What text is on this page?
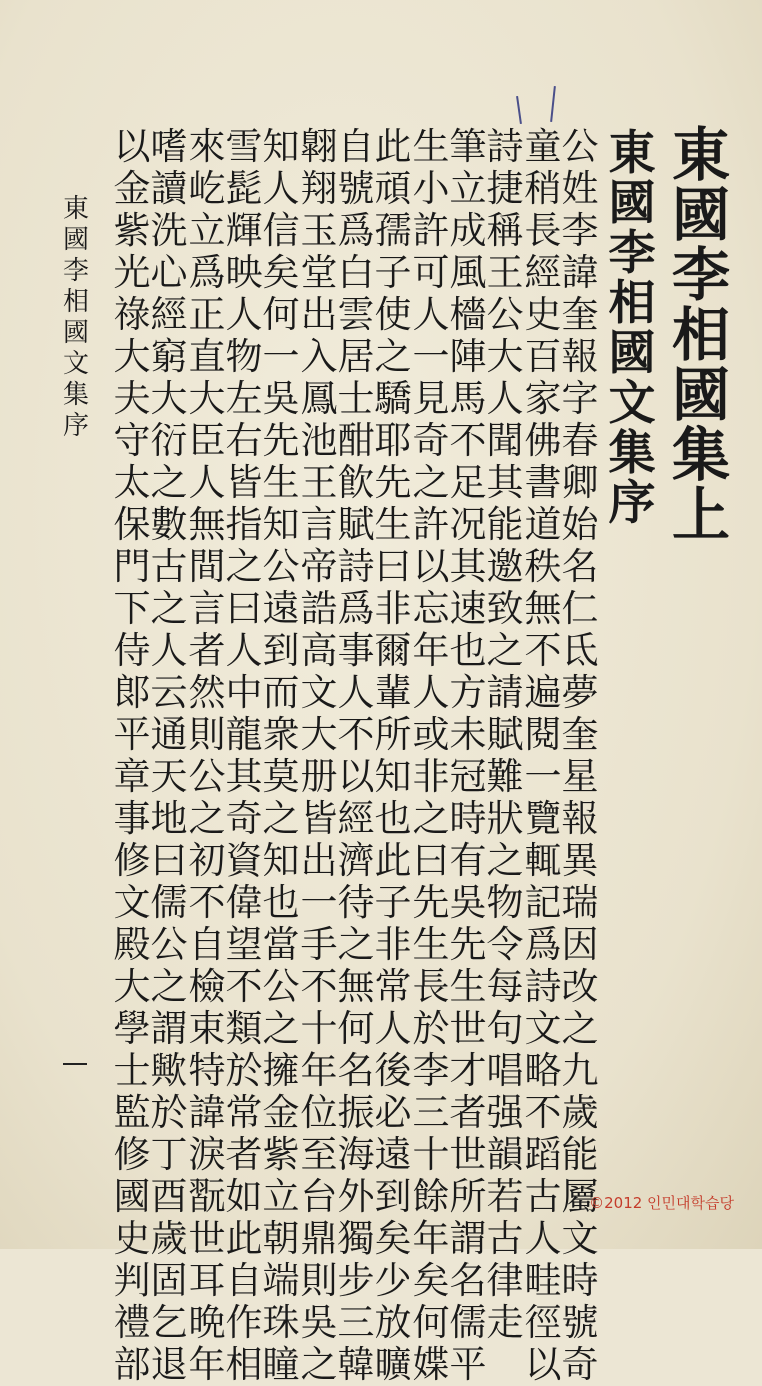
東
國
李
相
國
集
上
東
國
李
相
國
文
集
序
公
姓
李
諱
奎
報
字
春
卿
始
名
仁
氐
夢
奎
星
報
異
瑞
因
改
之
九
歲
能
屬
文
時
號
奇
童
稍
長
經
史
百
家
佛
書
道
秩
無
不
遍
閱
一
覽
輒
記
爲
詩
文
略
不
蹈
古
人
畦
徑
以
詩
捷
稱
王
公
大
人
聞
其
能
邀
致
之
請
賦
難
狀
之
物
令
每
句
唱
强
韻
若
古
律
走
筆
立
成
風
檣
陣
馬
不
足
况
其
速
也
方
未
冠
時
有
吳
先
生
世
才
者
世
所
謂
名
儒
平
生
小
許
可
人
一
見
奇
之
許
以
忘
年
人
或
非
之
曰
先
生
長
於
李
三
十
餘
年
矣
何
媟
此
頑
孺
子
使
之
驕
耶
先
生
曰
非
爾
輩
所
知
也
此
子
非
常
人
後
必
遠
到
矣
少
放
曠
自
號
爲
白
雲
居
士
酣
飮
賦
詩
爲
事
人
不
以
經
濟
待
之
無
何
名
振
海
外
獨
步
三
韓
翺
翔
玉
堂
出
入
鳳
池
王
言
帝
誥
高
文
大
册
皆
出
一
手
不
十
年
位
至
台
鼎
則
吳
之
知
人
信
矣
何
一
吳
先
生
知
公
遠
到
而
衆
莫
之
知
也
當
公
之
擁
金
紫
立
朝
端
珠
瞳
雪
髭
輝
映
人
物
左
右
皆
指
之
曰
人
中
龍
其
奇
資
偉
望
不
類
於
常
者
如
此
自
作
相
來
屹
立
爲
正
直
大
臣
人
無
間
言
者
然
則
公
之
初
不
自
檢
束
特
諱
淚
翫
世
耳
晩
年
嗜
讀
洗
心
經
窮
大
衍
之
數
古
之
人
云
通
天
地
曰
儒
公
之
謂
歟
於
丁
酉
歲
固
乞
退
以
金
紫
光
祿
大
夫
守
太
保
門
下
侍
郞
平
章
事
修
文
殿
大
學
士
監
修
國
史
判
禮
部
東
國
李
相
國
文
集
序
©2012 인민대학습당
